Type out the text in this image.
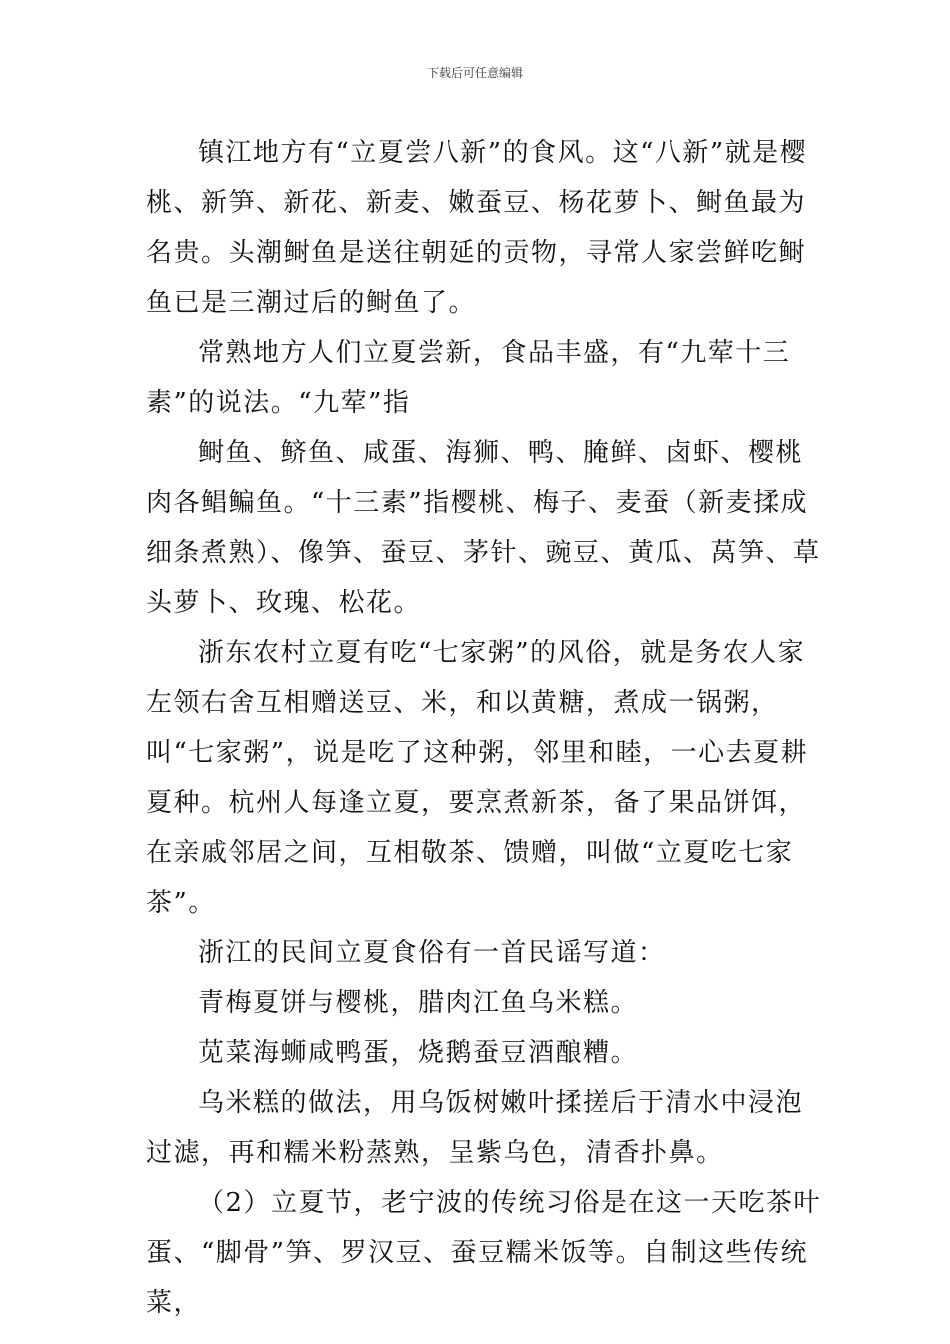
下载后可任意编辑

镇江地方有“立夏尝八新”的食风。这“八新”就是樱桃、新笋、新花、新麦、嫩蚕豆、杨花萝卜、鲥鱼最为名贵。头潮鲥鱼是送往朝延的贡物，寻常人家尝鲜吃鲥鱼已是三潮过后的鲥鱼了。

常熟地方人们立夏尝新，食品丰盛，有“九荤十三素”的说法。“九荤”指

鲥鱼、鲚鱼、咸蛋、海狮、鸭、腌鲜、卤虾、樱桃肉各鲳鳊鱼。“十三素”指樱桃、梅子、麦蚕（新麦揉成细条煮熟）、像笋、蚕豆、茅针、豌豆、黄瓜、莴笋、草头萝卜、玫瑰、松花。

浙东农村立夏有吃“七家粥”的风俗，就是务农人家左领右舍互相赠送豆、米，和以黄糖，煮成一锅粥，叫“七家粥”，说是吃了这种粥，邻里和睦，一心去夏耕夏种。杭州人每逢立夏，要烹煮新茶，备了果品饼饵，在亲戚邻居之间，互相敬茶、馈赠，叫做“立夏吃七家茶”。

浙江的民间立夏食俗有一首民谣写道：

青梅夏饼与樱桃，腊肉江鱼乌米糕。

苋菜海蛳咸鸭蛋，烧鹅蚕豆酒酿糟。

乌米糕的做法，用乌饭树嫩叶揉搓后于清水中浸泡过滤，再和糯米粉蒸熟，呈紫乌色，清香扑鼻。

（2）立夏节，老宁波的传统习俗是在这一天吃茶叶蛋、“脚骨”笋、罗汉豆、蚕豆糯米饭等。自制这些传统菜，
